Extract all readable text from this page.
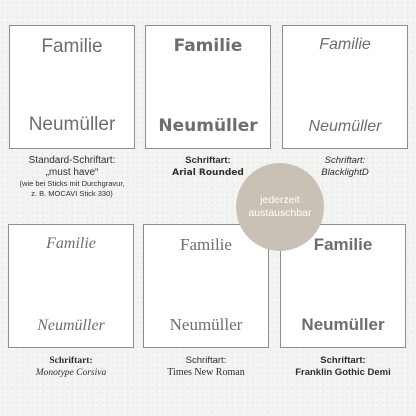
Familie
Neumüller
Standard-Schriftart:
„must have“
(wie bei Sticks mit Durchgravur,
z. B. MOCAVI Stick 330)
Familie
Neumüller
Schriftart:
Arial Rounded
Familie
Neumüller
Schriftart:
BlacklightD
Familie
Neumüller
Schriftart:
Monotype Corsiva
Familie
Neumüller
Schriftart:
Times New Roman
Familie
Neumüller
Schriftart:
Franklin Gothic Demi
jederzeit
austauschbar
